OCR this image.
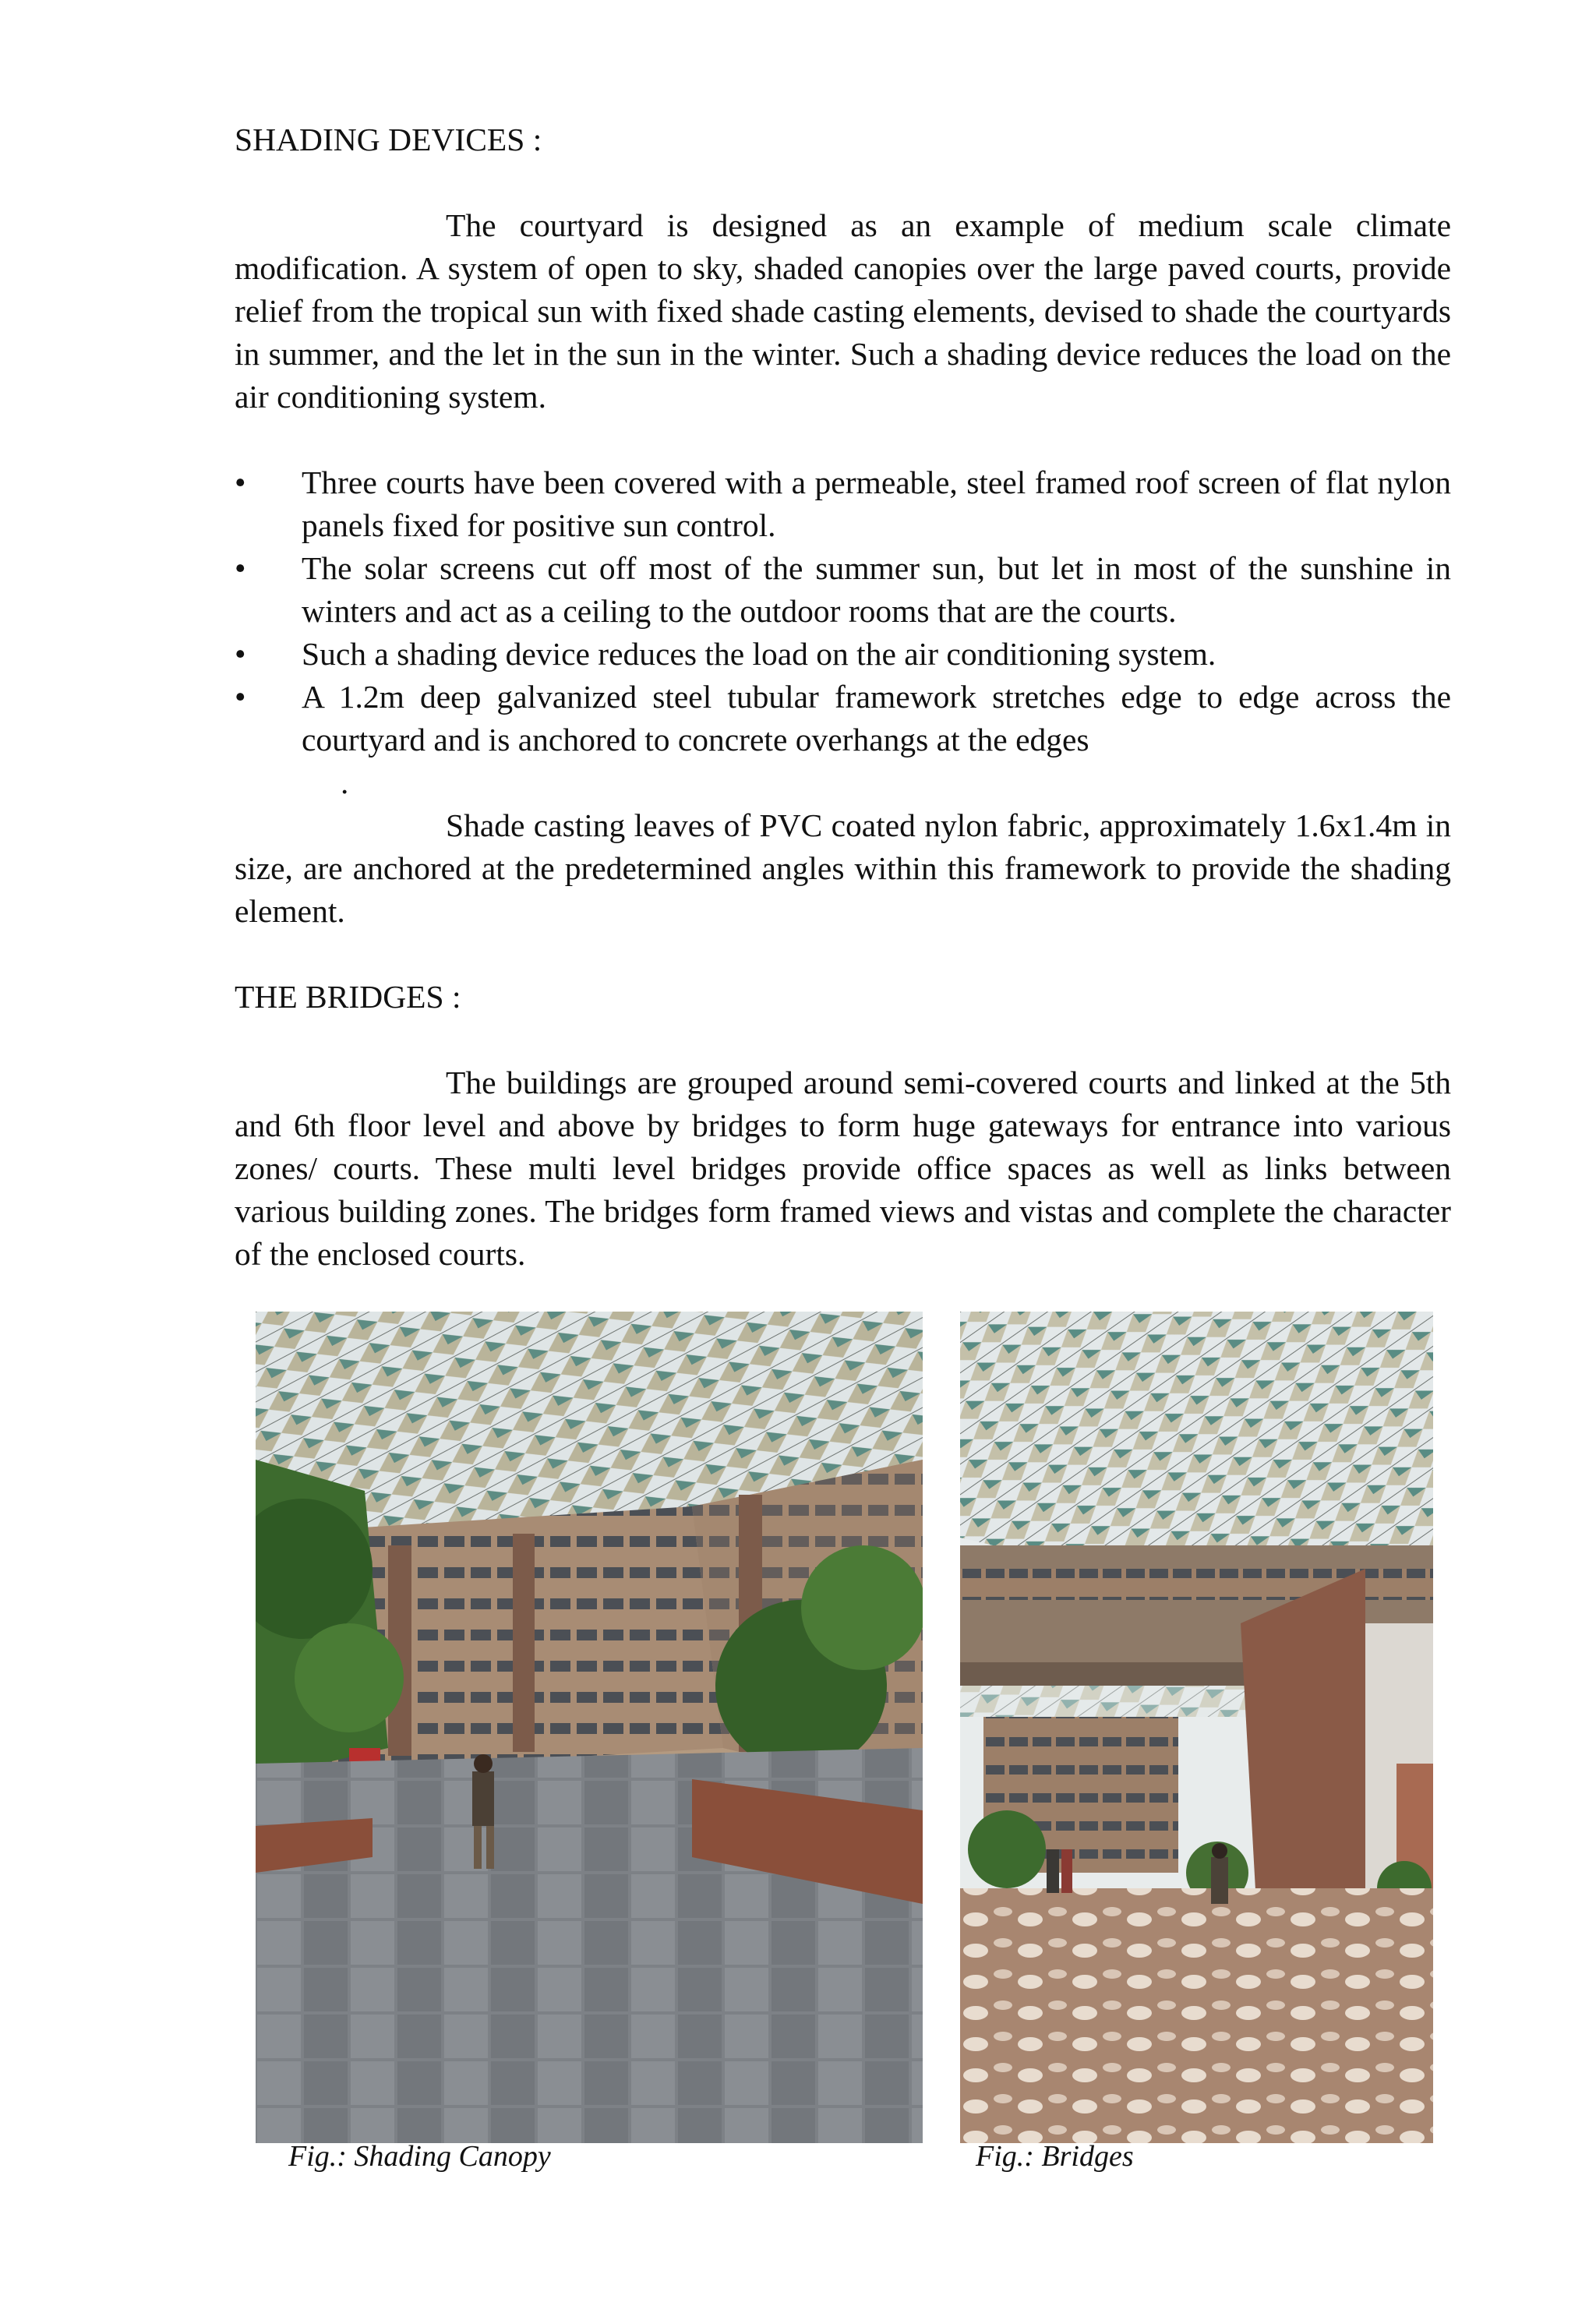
SHADING DEVICES :

The courtyard is designed as an example of medium scale climate modification. A system of open to sky, shaded canopies over the large paved courts, provide relief from the tropical sun with fixed shade casting elements, devised to shade the courtyards in summer, and the let in the sun in the winter. Such a shading device reduces the load on the air conditioning system.

• Three courts have been covered with a permeable, steel framed roof screen of flat nylon panels fixed for positive sun control.
• The solar screens cut off most of the summer sun, but let in most of the sunshine in winters and act as a ceiling to the outdoor rooms that are the courts.
• Such a shading device reduces the load on the air conditioning system.
• A 1.2m deep galvanized steel tubular framework stretches edge to edge across the courtyard and is anchored to concrete overhangs at the edges
.

Shade casting leaves of PVC coated nylon fabric, approximately 1.6x1.4m in size, are anchored at the predetermined angles within this framework to provide the shading element.

THE BRIDGES :

The buildings are grouped around semi-covered courts and linked at the 5th and 6th floor level and above by bridges to form huge gateways for entrance into various zones/ courts. These multi level bridges provide office spaces as well as links between various building zones. The bridges form framed views and vistas and complete the character of the enclosed courts.

Fig.: Shading Canopy	Fig.: Bridges
